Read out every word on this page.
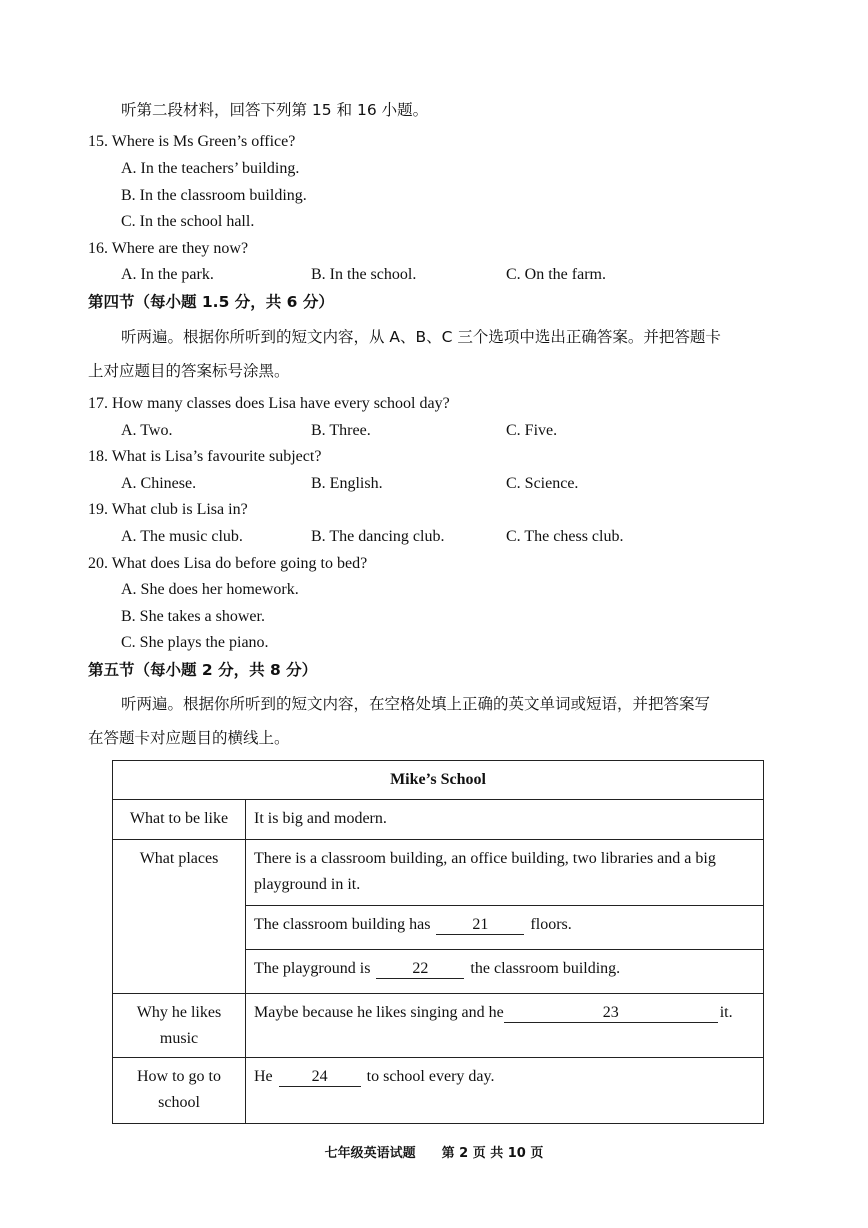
听第二段材料，回答下列第 15 和 16 小题。
15. Where is Ms Green’s office?
A. In the teachers’ building.
B. In the classroom building.
C. In the school hall.
16. Where are they now?
A. In the park.	B. In the school.	C. On the farm.
第四节（每小题 1.5 分，共 6 分）
听两遍。根据你所听到的短文内容，从 A、B、C 三个选项中选出正确答案。并把答题卡
上对应题目的答案标号涂黑。
17. How many classes does Lisa have every school day?
A. Two.	B. Three.	C. Five.
18. What is Lisa’s favourite subject?
A. Chinese.	B. English.	C. Science.
19. What club is Lisa in?
A. The music club.	B. The dancing club.	C. The chess club.
20. What does Lisa do before going to bed?
A. She does her homework.
B. She takes a shower.
C. She plays the piano.
第五节（每小题 2 分，共 8 分）
听两遍。根据你所听到的短文内容，在空格处填上正确的英文单词或短语，并把答案写
在答题卡对应题目的横线上。
Mike’s School	
What to be like	It is big and modern.
What places	There is a classroom building, an office building, two libraries and a big playground in it.
	The classroom building has 21 floors.
	The playground is 22 the classroom building.

Why he likes
music	Maybe because he likes singing and he 23 it.

How to go to
school	He 24 to school every day.
七年级英语试题　　第 2 页 共 10 页
